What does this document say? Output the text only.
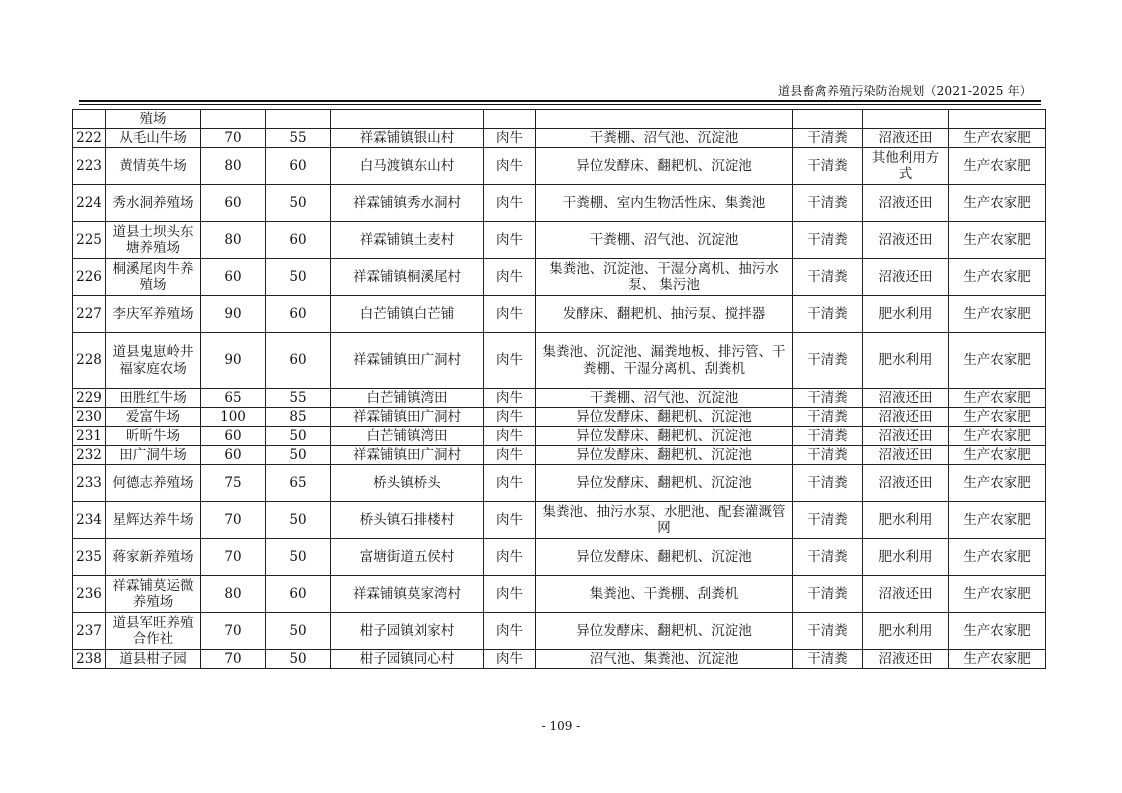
道县畜禽养殖污染防治规划（2021-2025 年）
	殖场								
222	从毛山牛场	70	55	祥霖铺镇银山村	肉牛	干粪棚、沼气池、沉淀池	干清粪	沼液还田	生产农家肥
223	黄情英牛场	80	60	白马渡镇东山村	肉牛	异位发酵床、翻耙机、沉淀池	干清粪	其他利用方式	生产农家肥
224	秀水洞养殖场	60	50	祥霖铺镇秀水洞村	肉牛	干粪棚、室内生物活性床、集粪池	干清粪	沼液还田	生产农家肥
225	道县土坝头东塘养殖场	80	60	祥霖铺镇土麦村	肉牛	干粪棚、沼气池、沉淀池	干清粪	沼液还田	生产农家肥
226	桐溪尾肉牛养殖场	60	50	祥霖铺镇桐溪尾村	肉牛	集粪池、沉淀池、干湿分离机、抽污水泵、 集污池	干清粪	沼液还田	生产农家肥
227	李庆军养殖场	90	60	白芒铺镇白芒铺	肉牛	发酵床、翻耙机、抽污泵、搅拌器	干清粪	肥水利用	生产农家肥
228	道县鬼崽岭井福家庭农场	90	60	祥霖铺镇田广洞村	肉牛	集粪池、沉淀池、漏粪地板、排污管、干 粪棚、干湿分离机、刮粪机	干清粪	肥水利用	生产农家肥
229	田胜红牛场	65	55	白芒铺镇湾田	肉牛	干粪棚、沼气池、沉淀池	干清粪	沼液还田	生产农家肥
230	爱富牛场	100	85	祥霖铺镇田广洞村	肉牛	异位发酵床、翻耙机、沉淀池	干清粪	沼液还田	生产农家肥
231	昕昕牛场	60	50	白芒铺镇湾田	肉牛	异位发酵床、翻耙机、沉淀池	干清粪	沼液还田	生产农家肥
232	田广洞牛场	60	50	祥霖铺镇田广洞村	肉牛	异位发酵床、翻耙机、沉淀池	干清粪	沼液还田	生产农家肥
233	何德志养殖场	75	65	桥头镇桥头	肉牛	异位发酵床、翻耙机、沉淀池	干清粪	沼液还田	生产农家肥
234	星辉达养牛场	70	50	桥头镇石排楼村	肉牛	集粪池、抽污水泵、水肥池、配套灌溉管网	干清粪	肥水利用	生产农家肥
235	蒋家新养殖场	70	50	富塘街道五侯村	肉牛	异位发酵床、翻耙机、沉淀池	干清粪	肥水利用	生产农家肥
236	祥霖铺莫运微养殖场	80	60	祥霖铺镇莫家湾村	肉牛	集粪池、干粪棚、刮粪机	干清粪	沼液还田	生产农家肥
237	道县军旺养殖合作社	70	50	柑子园镇刘家村	肉牛	异位发酵床、翻耙机、沉淀池	干清粪	肥水利用	生产农家肥
238	道县柑子园	70	50	柑子园镇同心村	肉牛	沼气池、集粪池、沉淀池	干清粪	沼液还田	生产农家肥
- 109 -
